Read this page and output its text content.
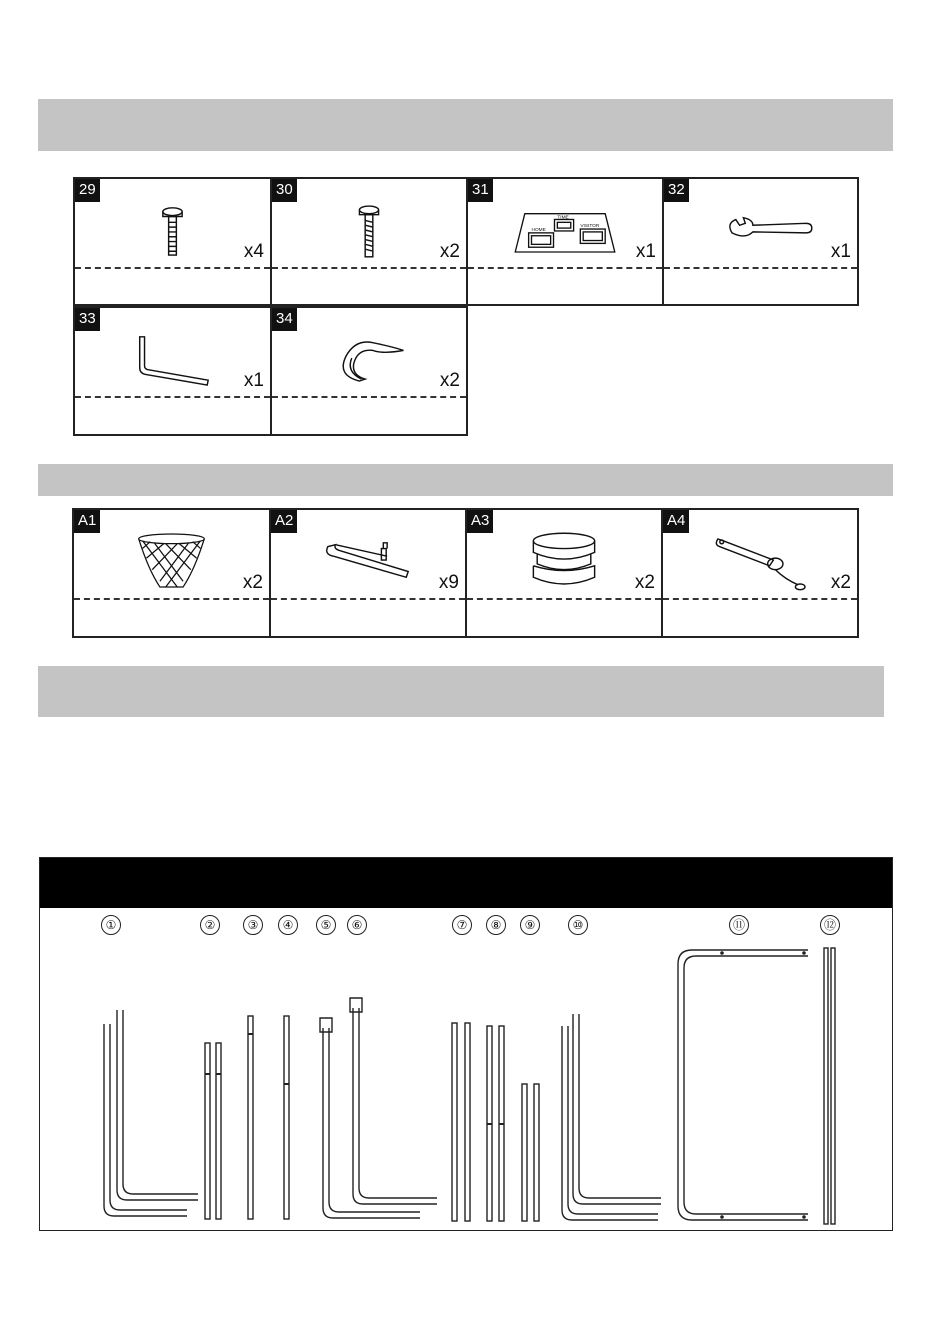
29
x4
30
x2
31
TIME
HOME
VISITOR
x1
32
x1
33
x1
34
x2
A1
x2
A2
x9
A3
x2
A4
x2
①	②	③	④	⑤	⑥	⑦	⑧	⑨	⑩	⑪	⑫
